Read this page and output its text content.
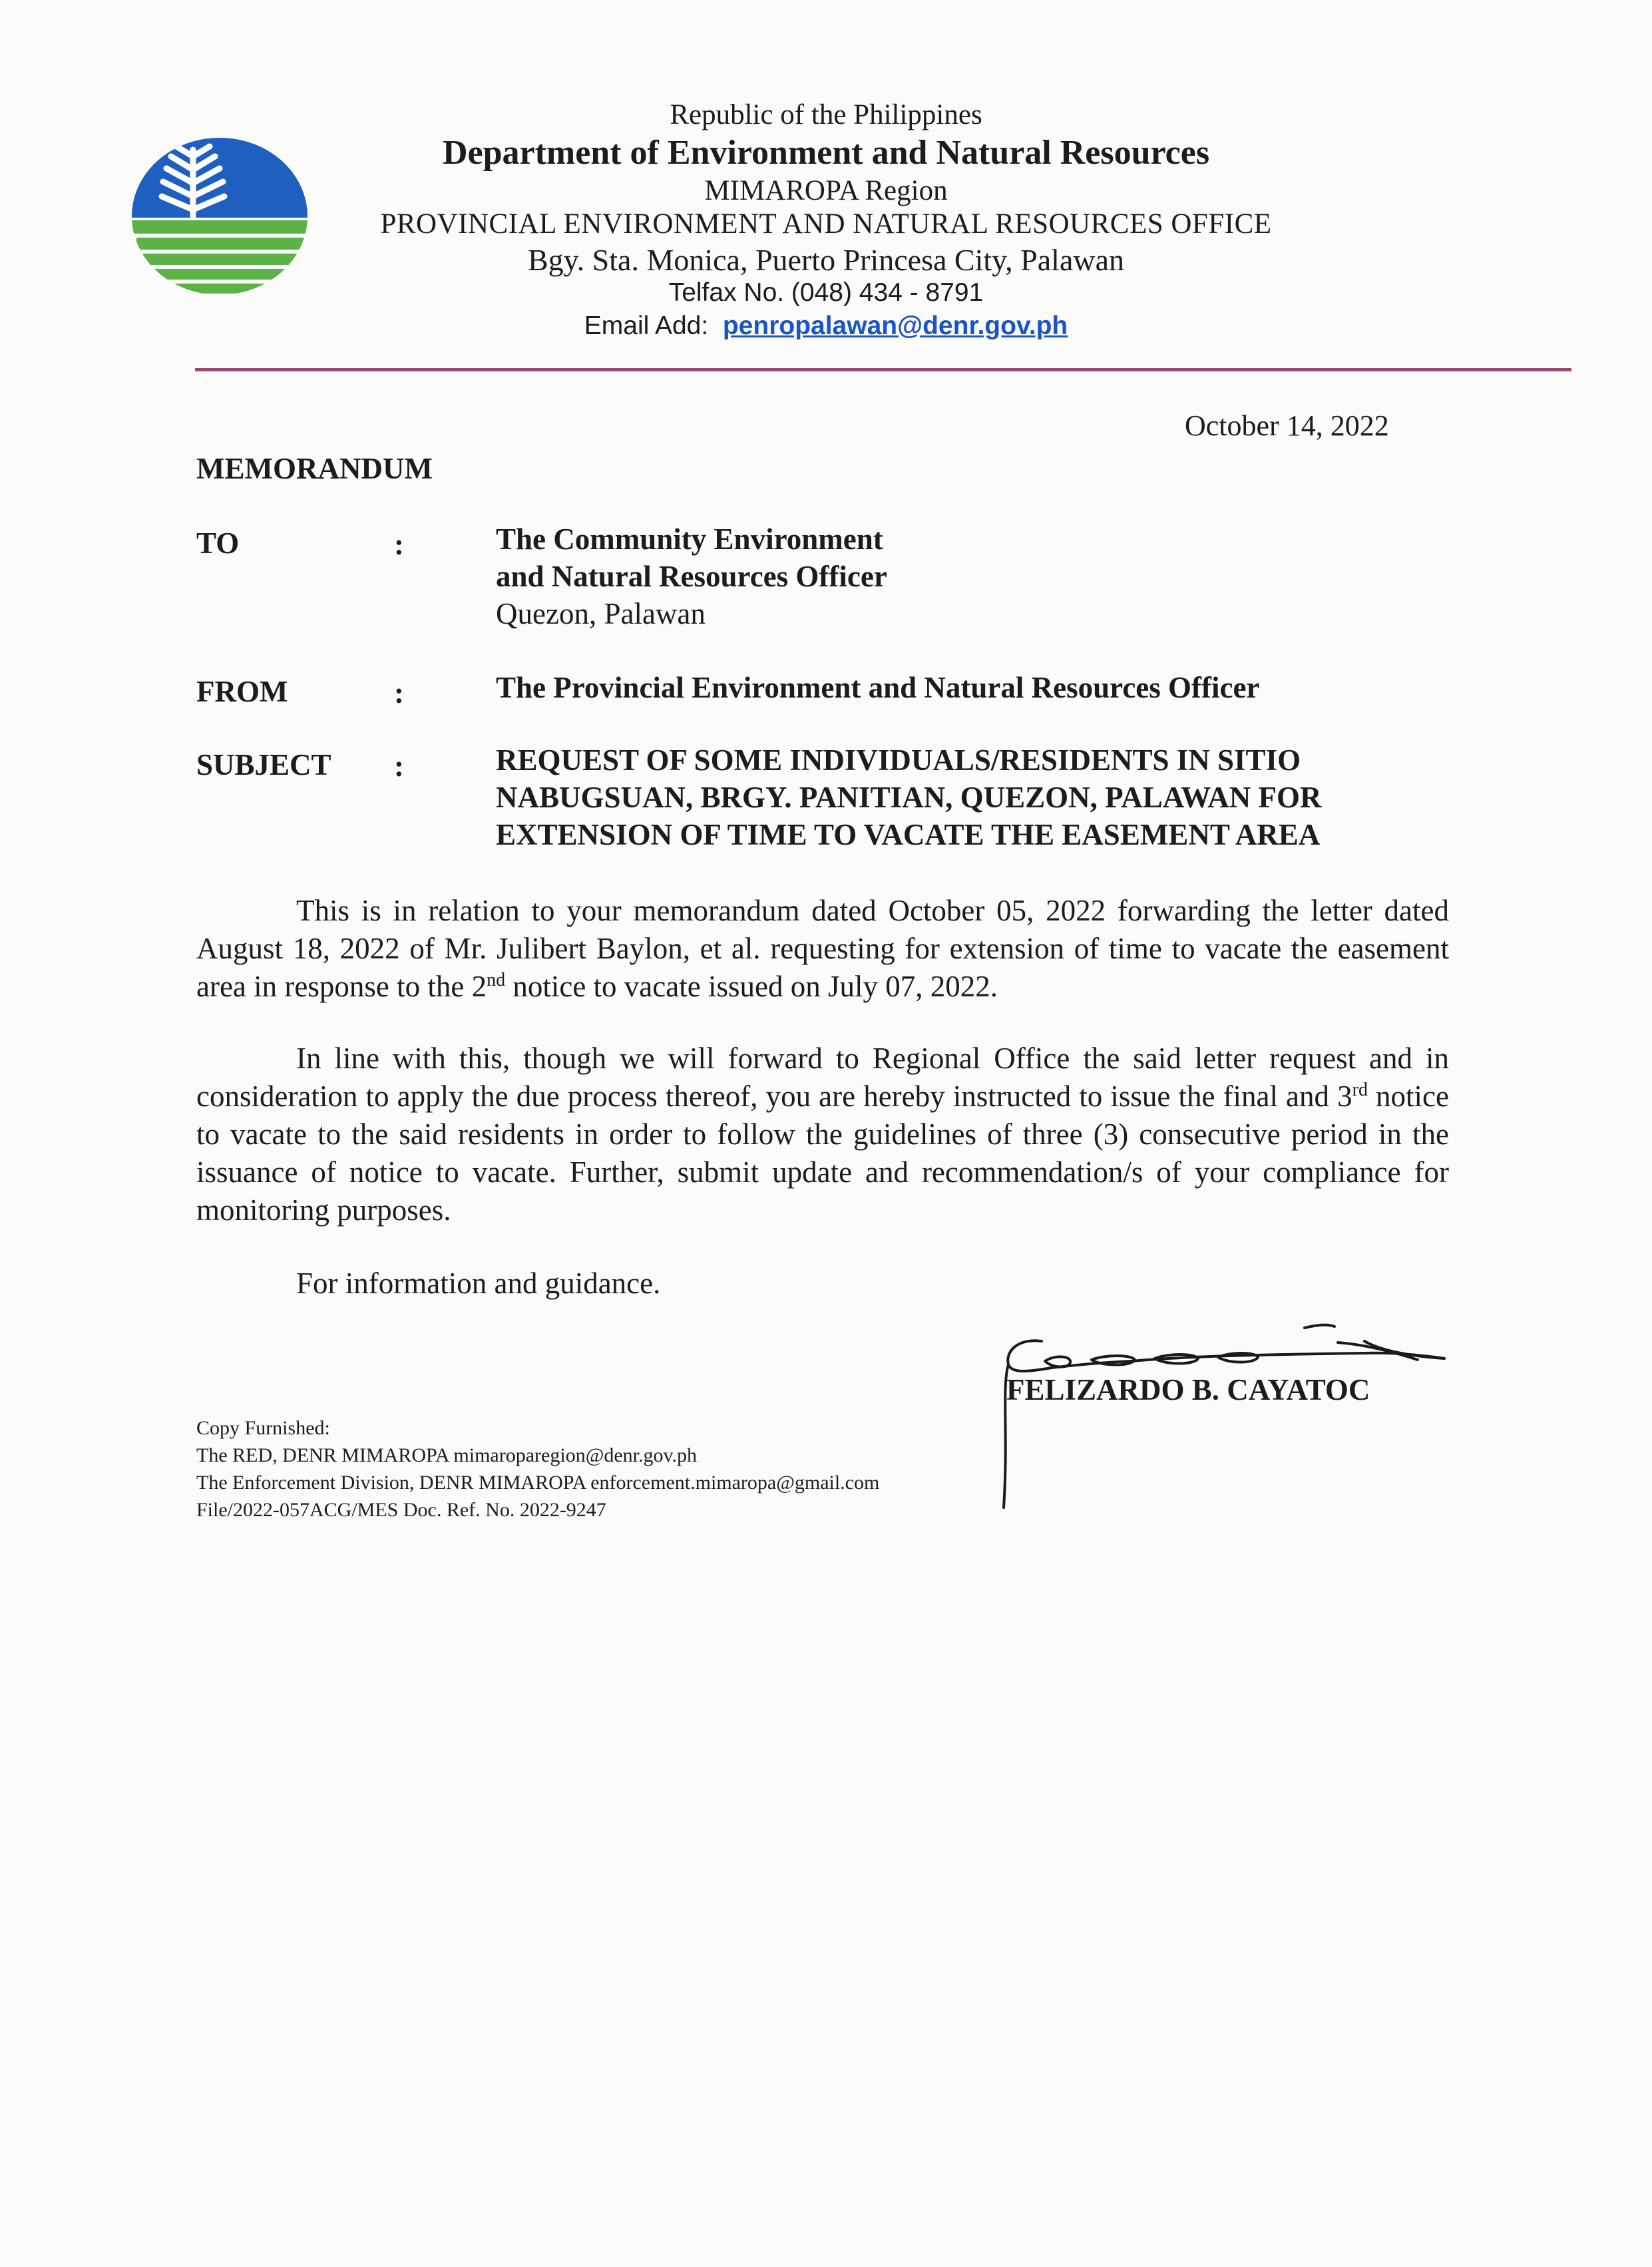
Republic of the Philippines
Department of Environment and Natural Resources
MIMAROPA Region
PROVINCIAL ENVIRONMENT AND NATURAL RESOURCES OFFICE
Bgy. Sta. Monica, Puerto Princesa City, Palawan
Telfax No. (048) 434 - 8791
Email Add: penropalawan@denr.gov.ph
October 14, 2022
MEMORANDUM
TO	:	The Community Environment
and Natural Resources Officer
Quezon, Palawan
FROM	:	The Provincial Environment and Natural Resources Officer
SUBJECT :	REQUEST OF SOME INDIVIDUALS/RESIDENTS IN SITIO
NABUGSUAN, BRGY. PANITIAN, QUEZON, PALAWAN FOR
EXTENSION OF TIME TO VACATE THE EASEMENT AREA
This is in relation to your memorandum dated October 05, 2022 forwarding the letter dated August 18, 2022 of Mr. Julibert Baylon, et al. requesting for extension of time to vacate the easement area in response to the 2nd notice to vacate issued on July 07, 2022.
In line with this, though we will forward to Regional Office the said letter request and in consideration to apply the due process thereof, you are hereby instructed to issue the final and 3rd notice to vacate to the said residents in order to follow the guidelines of three (3) consecutive period in the issuance of notice to vacate. Further, submit update and recommendation/s of your compliance for monitoring purposes.
For information and guidance.
FELIZARDO B. CAYATOC
Copy Furnished:
The RED, DENR MIMAROPA mimaroparegion@denr.gov.ph
The Enforcement Division, DENR MIMAROPA enforcement.mimaropa@gmail.com
File/2022-057ACG/MES Doc. Ref. No. 2022-9247
